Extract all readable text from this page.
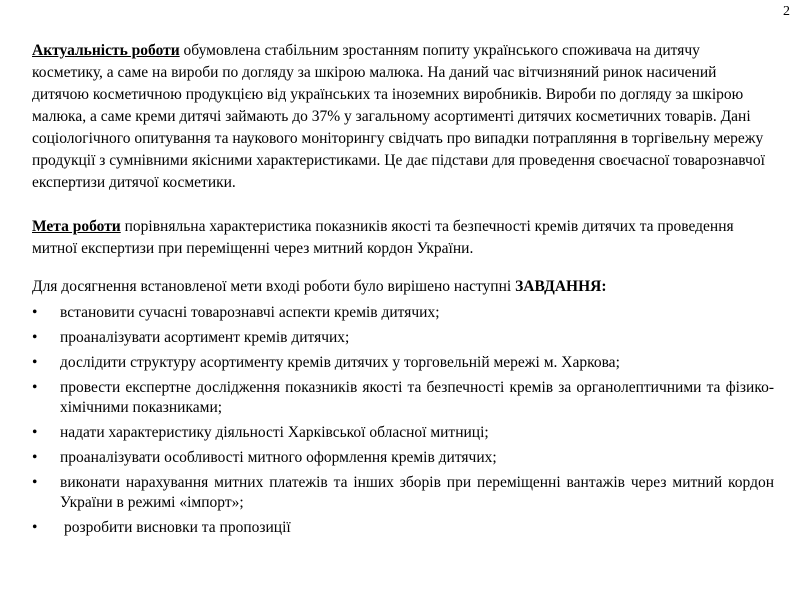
2

Актуальність роботи обумовлена стабільним зростанням попиту українського споживача на дитячу косметику, а саме на вироби по догляду за шкірою малюка. На даний час вітчизняний ринок насичений дитячою косметичною продукцією від українських та іноземних виробників. Вироби по догляду за шкірою малюка, а саме креми дитячі займають до 37% у загальному асортименті дитячих косметичних товарів. Дані соціологічного опитування та наукового моніторингу свідчать про випадки потрапляння в торгівельну мережу продукції з сумнівними якісними характеристиками. Це дає підстави для проведення своєчасної товарознавчої експертизи дитячої косметики.

Мета роботи порівняльна характеристика показників якості та безпечності кремів дитячих та проведення митної експертизи при переміщенні через митний кордон України.

Для досягнення встановленої мети вході роботи було вирішено наступні ЗАВДАННЯ:

•	встановити сучасні товарознавчі аспекти кремів дитячих;
•	проаналізувати асортимент кремів дитячих;
•	дослідити структуру асортименту кремів дитячих у торговельній мережі м. Харкова;
•	провести експертне дослідження показників якості та безпечності кремів за органолептичними та фізико-хімічними показниками;
•	надати характеристику діяльності Харківської обласної митниці;
•	проаналізувати особливості митного оформлення кремів дитячих;
•	виконати нарахування митних платежів та інших зборів при переміщенні вантажів через митний кордон України в режимі «імпорт»;
•	розробити висновки та пропозиції
